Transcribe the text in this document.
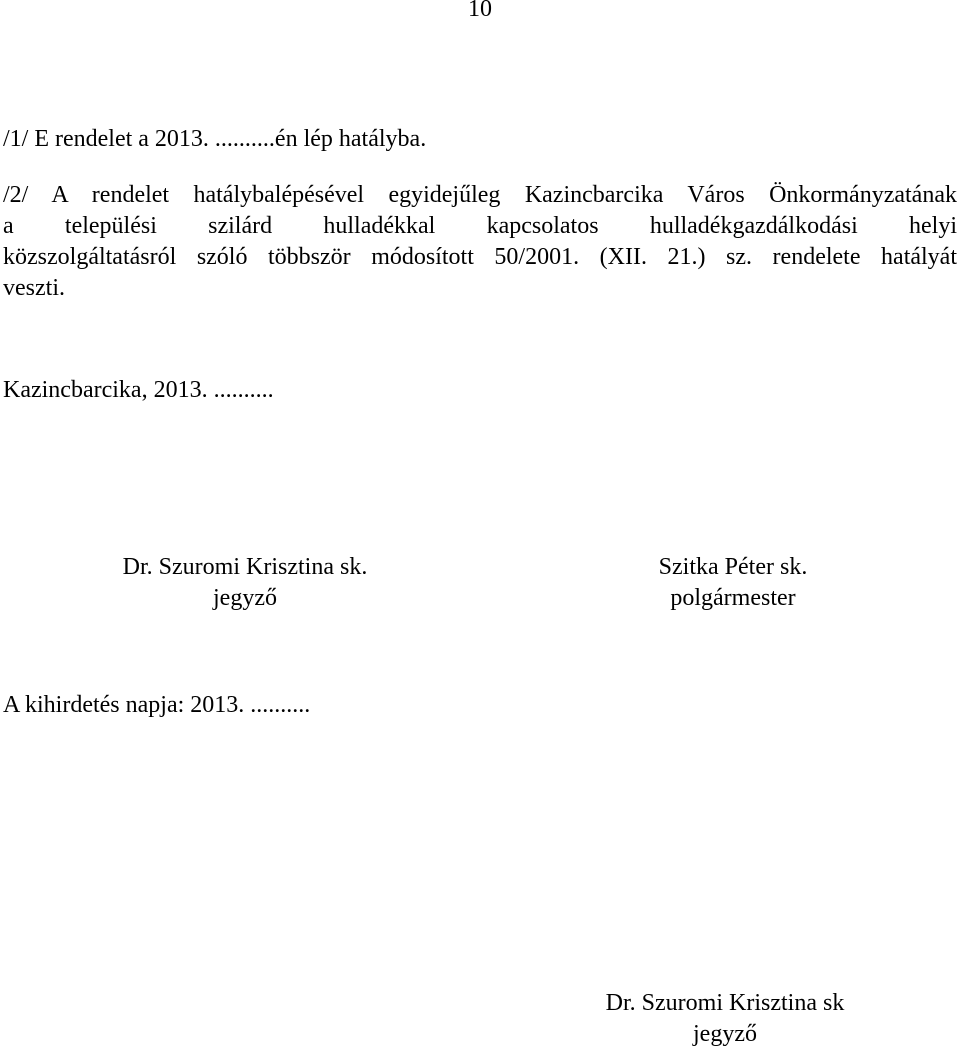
10
/1/ E rendelet a 2013. ..........én lép hatályba.
/2/ A rendelet hatálybalépésével egyidejűleg Kazincbarcika Város Önkormányzatának
a települési szilárd hulladékkal kapcsolatos hulladékgazdálkodási helyi
közszolgáltatásról szóló többször módosított 50/2001. (XII. 21.) sz. rendelete hatályát
veszti.
Kazincbarcika, 2013. ..........
Dr. Szuromi Krisztina sk.
jegyző
Szitka Péter sk.
polgármester
A kihirdetés napja: 2013. ..........
Dr. Szuromi Krisztina sk
jegyző
